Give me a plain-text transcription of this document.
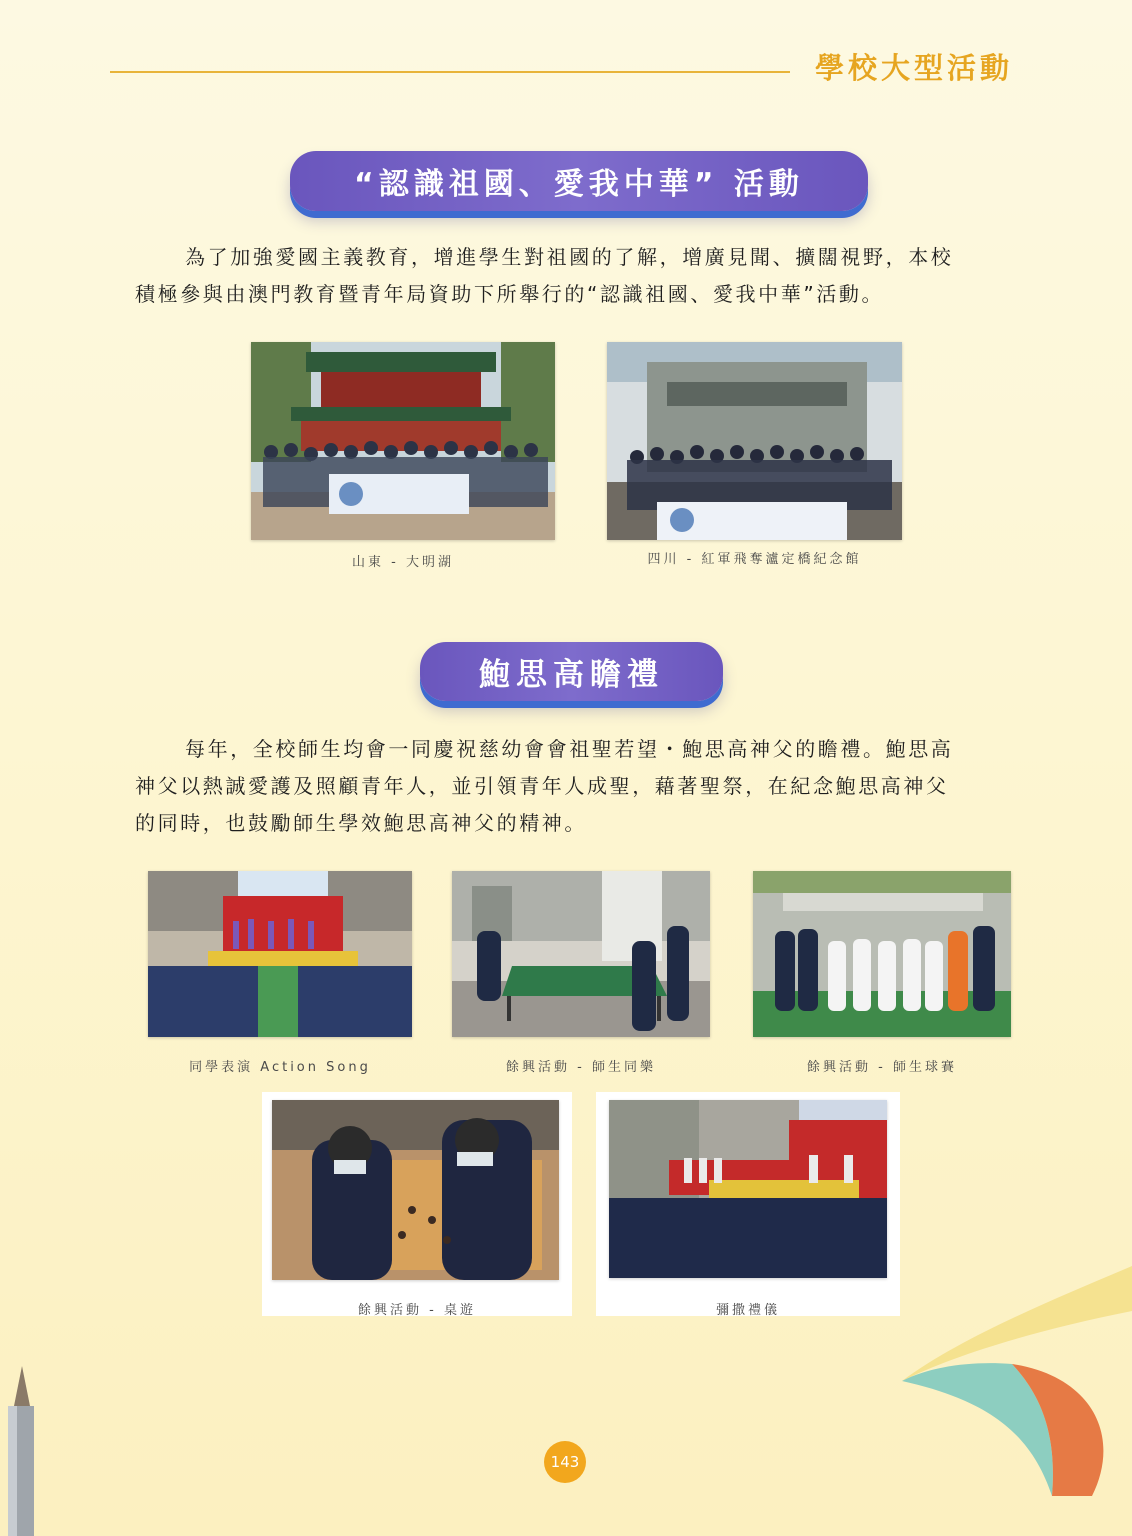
學校大型活動
“認識祖國、愛我中華” 活動

為了加強愛國主義教育，增進學生對祖國的了解，增廣見聞、擴闊視野，本校
積極參與由澳門教育暨青年局資助下所舉行的“認識祖國、愛我中華”活動。

山東 - 大明湖	四川 - 紅軍飛奪瀘定橋紀念館
鮑思高瞻禮

每年，全校師生均會一同慶祝慈幼會會祖聖若望・鮑思高神父的瞻禮。鮑思高
神父以熱誠愛護及照顧青年人，並引領青年人成聖，藉著聖祭，在紀念鮑思高神父
的同時，也鼓勵師生學效鮑思高神父的精神。

同學表演 Action Song	餘興活動 - 師生同樂	餘興活動 - 師生球賽
餘興活動 - 桌遊	彌撒禮儀
143
